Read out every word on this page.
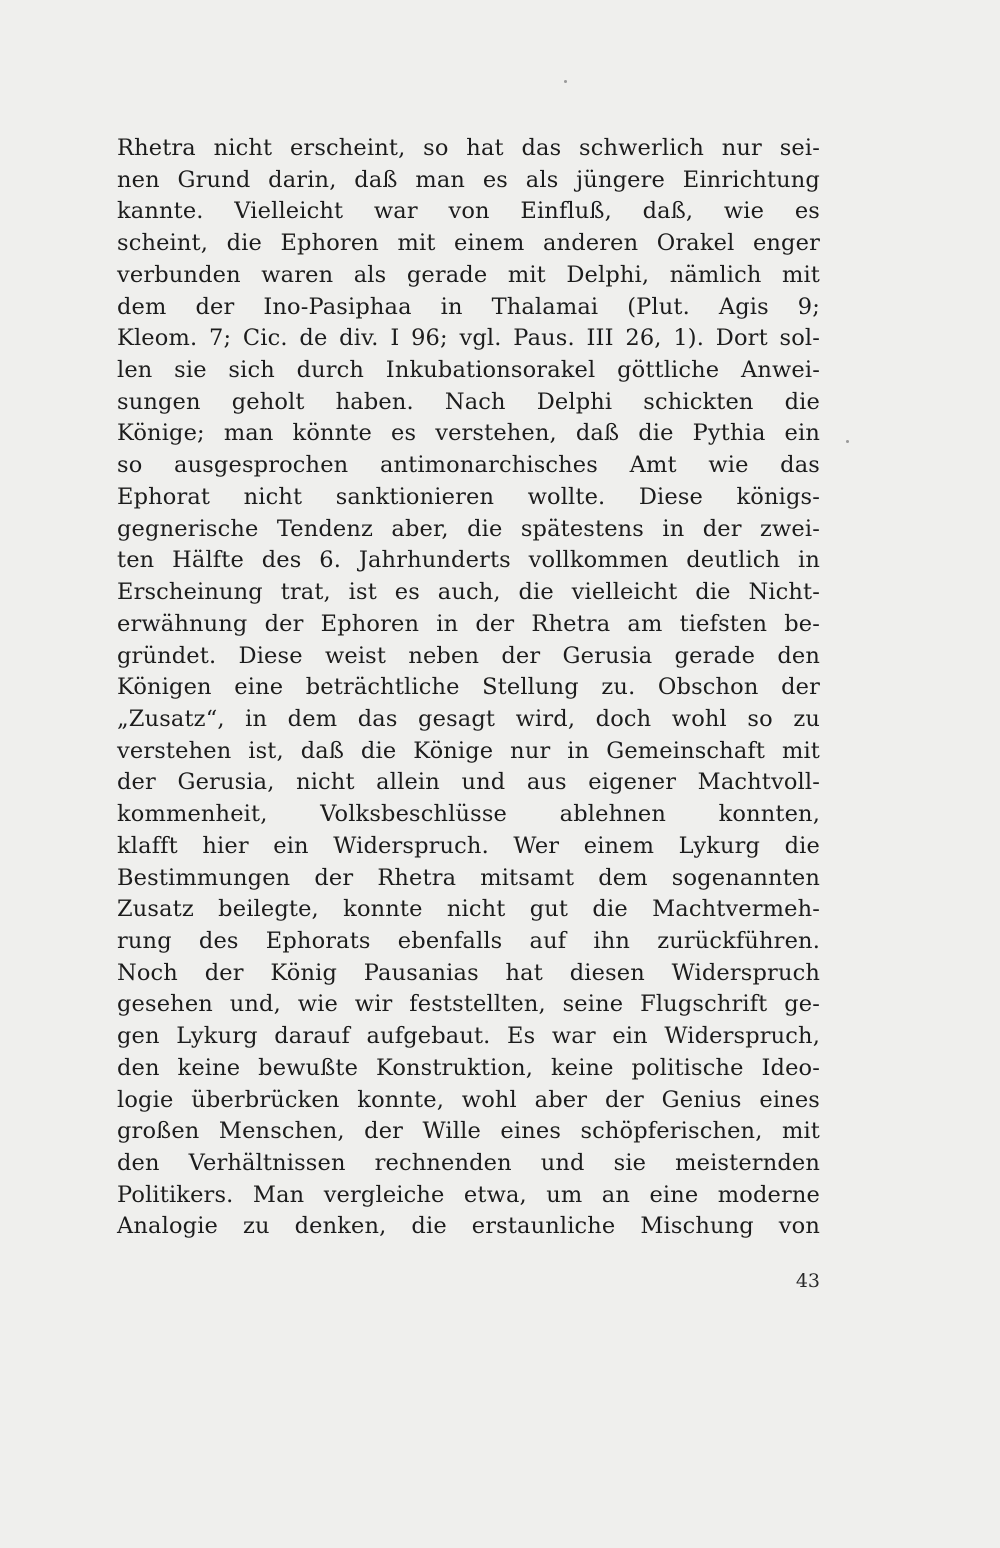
Rhetra nicht erscheint, so hat das schwerlich nur sei-
nen Grund darin, daß man es als jüngere Einrichtung
kannte. Vielleicht war von Einfluß, daß, wie es
scheint, die Ephoren mit einem anderen Orakel enger
verbunden waren als gerade mit Delphi, nämlich mit
dem der Ino-Pasiphaa in Thalamai (Plut. Agis 9;
Kleom. 7; Cic. de div. I 96; vgl. Paus. III 26, 1). Dort sol-
len sie sich durch Inkubationsorakel göttliche Anwei-
sungen geholt haben. Nach Delphi schickten die
Könige; man könnte es verstehen, daß die Pythia ein
so ausgesprochen antimonarchisches Amt wie das
Ephorat nicht sanktionieren wollte. Diese königs-
gegnerische Tendenz aber, die spätestens in der zwei-
ten Hälfte des 6. Jahrhunderts vollkommen deutlich in
Erscheinung trat, ist es auch, die vielleicht die Nicht-
erwähnung der Ephoren in der Rhetra am tiefsten be-
gründet. Diese weist neben der Gerusia gerade den
Königen eine beträchtliche Stellung zu. Obschon der
„Zusatz“, in dem das gesagt wird, doch wohl so zu
verstehen ist, daß die Könige nur in Gemeinschaft mit
der Gerusia, nicht allein und aus eigener Machtvoll-
kommenheit, Volksbeschlüsse ablehnen konnten,
klafft hier ein Widerspruch. Wer einem Lykurg die
Bestimmungen der Rhetra mitsamt dem sogenannten
Zusatz beilegte, konnte nicht gut die Machtvermeh-
rung des Ephorats ebenfalls auf ihn zurückführen.
Noch der König Pausanias hat diesen Widerspruch
gesehen und, wie wir feststellten, seine Flugschrift ge-
gen Lykurg darauf aufgebaut. Es war ein Widerspruch,
den keine bewußte Konstruktion, keine politische Ideo-
logie überbrücken konnte, wohl aber der Genius eines
großen Menschen, der Wille eines schöpferischen, mit
den Verhältnissen rechnenden und sie meisternden
Politikers. Man vergleiche etwa, um an eine moderne
Analogie zu denken, die erstaunliche Mischung von
43
